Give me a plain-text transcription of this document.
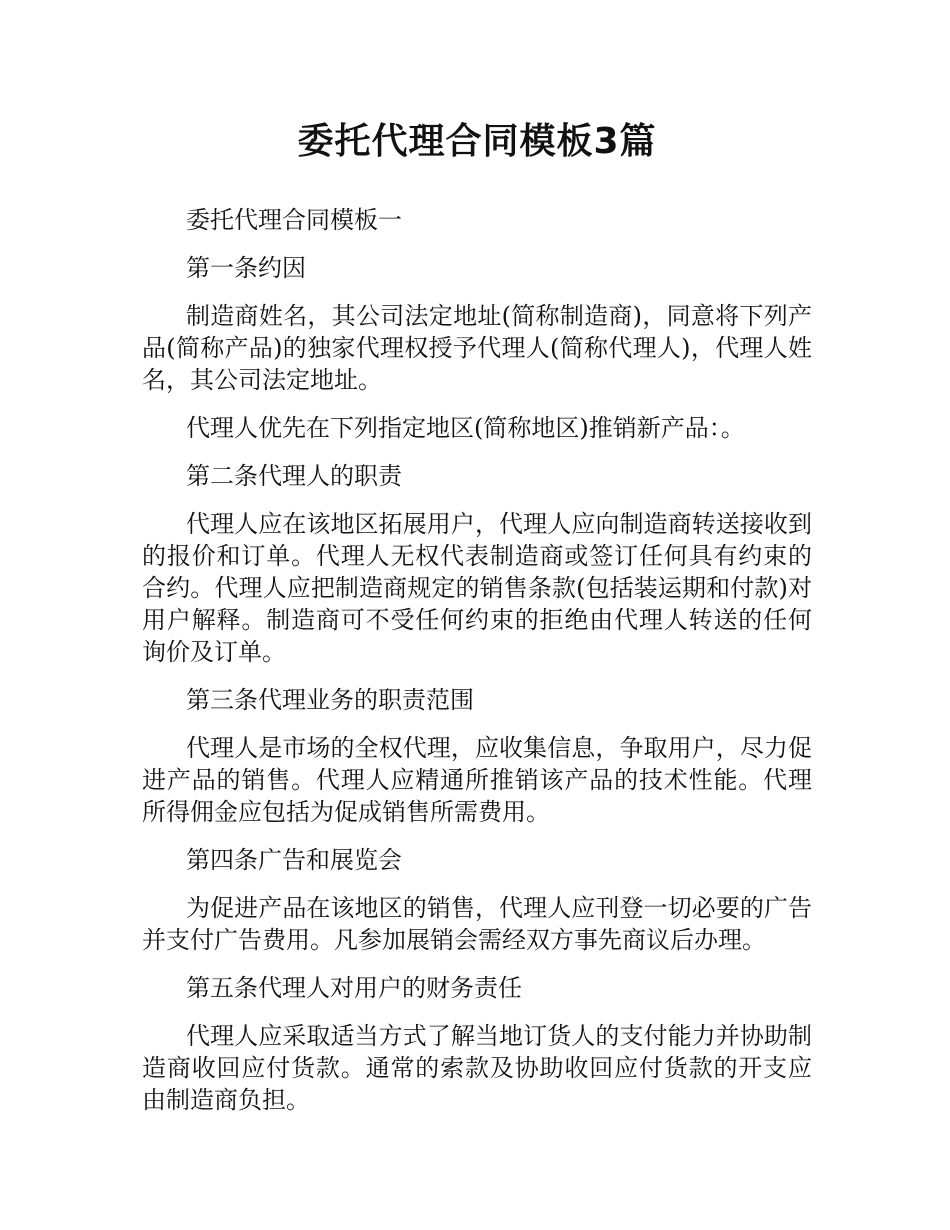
委托代理合同模板3篇

委托代理合同模板一

第一条约因

制造商姓名，其公司法定地址(简称制造商)，同意将下列产品(简称产品)的独家代理权授予代理人(简称代理人)，代理人姓名，其公司法定地址。

代理人优先在下列指定地区(简称地区)推销新产品：。

第二条代理人的职责

代理人应在该地区拓展用户，代理人应向制造商转送接收到的报价和订单。代理人无权代表制造商或签订任何具有约束的合约。代理人应把制造商规定的销售条款(包括装运期和付款)对用户解释。制造商可不受任何约束的拒绝由代理人转送的任何询价及订单。

第三条代理业务的职责范围

代理人是市场的全权代理，应收集信息，争取用户，尽力促进产品的销售。代理人应精通所推销该产品的技术性能。代理所得佣金应包括为促成销售所需费用。

第四条广告和展览会

为促进产品在该地区的销售，代理人应刊登一切必要的广告并支付广告费用。凡参加展销会需经双方事先商议后办理。

第五条代理人对用户的财务责任

代理人应采取适当方式了解当地订货人的支付能力并协助制造商收回应付货款。通常的索款及协助收回应付货款的开支应由制造商负担。
